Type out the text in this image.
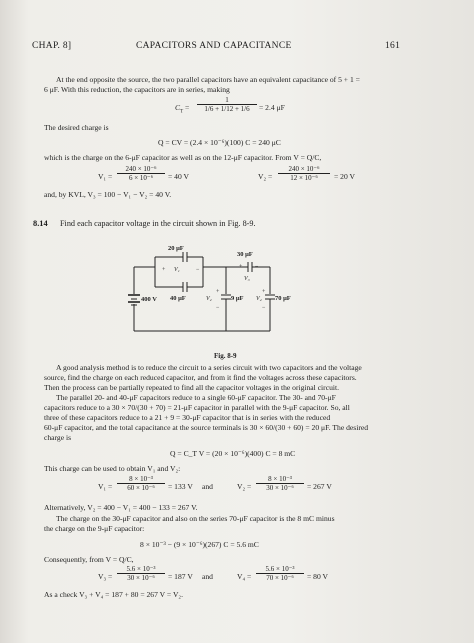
CHAP. 8]	CAPACITORS AND CAPACITANCE	161
At the end opposite the source, the two parallel capacitors have an equivalent capacitance of 5 + 1 =
6 μF. With this reduction, the capacitors are in series, making
$C_T = \frac{1}{1/6 + 1/12 + 1/6} = 2.4$ μF
The desired charge is
Q = CV = (2.4 × 10⁻⁶)(100) C = 240 μC
which is the charge on the 6-μF capacitor as well as on the 12-μF capacitor. From V = Q/C,
$V_1 = \frac{\text{240 × 10⁻⁶}}{\text{6 × 10⁻⁶}} = 40$ V	$V_2 = \frac{\text{240 × 10⁻⁶}}{\text{12 × 10⁻⁶}} = 20$ V
and, by KVL, V₃ = 100 − V₁ − V₂ = 40 V.
8.14 Find each capacitor voltage in the circuit shown in Fig. 8-9.
20 μF
40 μF
30 μF
9 μF	70 μF
400 V
V₁
V₂
V₃
V₄
+	−
+
−
+ −
+
−
Fig. 8-9
A good analysis method is to reduce the circuit to a series circuit with two capacitors and the voltage
source, find the charge on each reduced capacitor, and from it find the voltages across these capacitors.
Then the process can be partially repeated to find all the capacitor voltages in the original circuit.
The parallel 20- and 40-μF capacitors reduce to a single 60-μF capacitor. The 30- and 70-μF
capacitors reduce to a 30 × 70/(30 + 70) = 21-μF capacitor in parallel with the 9-μF capacitor. So, all
three of these capacitors reduce to a 21 + 9 = 30-μF capacitor that is in series with the reduced
60-μF capacitor, and the total capacitance at the source terminals is 30 × 60/(30 + 60) = 20 μF. The desired
charge is
Q = C_T V = (20 × 10⁻⁶)(400) C = 8 mC
This charge can be used to obtain V₁ and V₂:
$V_1 = \frac{\text{8 × 10⁻³}}{\text{60 × 10⁻⁶}} = 133$ V and	$V_2 = \frac{\text{8 × 10⁻³}}{\text{30 × 10⁻⁶}} = 267$ V
Alternatively, V₂ = 400 − V₁ = 400 − 133 = 267 V.
The charge on the 30-μF capacitor and also on the series 70-μF capacitor is the 8 mC minus
the charge on the 9-μF capacitor:
8 × 10⁻³ − (9 × 10⁻⁶)(267) C = 5.6 mC
Consequently, from V = Q/C,
$V_3 = \frac{\text{5.6 × 10⁻³}}{\text{30 × 10⁻⁶}} = 187$ V and	$V_4 = \frac{\text{5.6 × 10⁻³}}{\text{70 × 10⁻⁶}} = 80$ V
As a check V₃ + V₄ = 187 + 80 = 267 V = V₂.
